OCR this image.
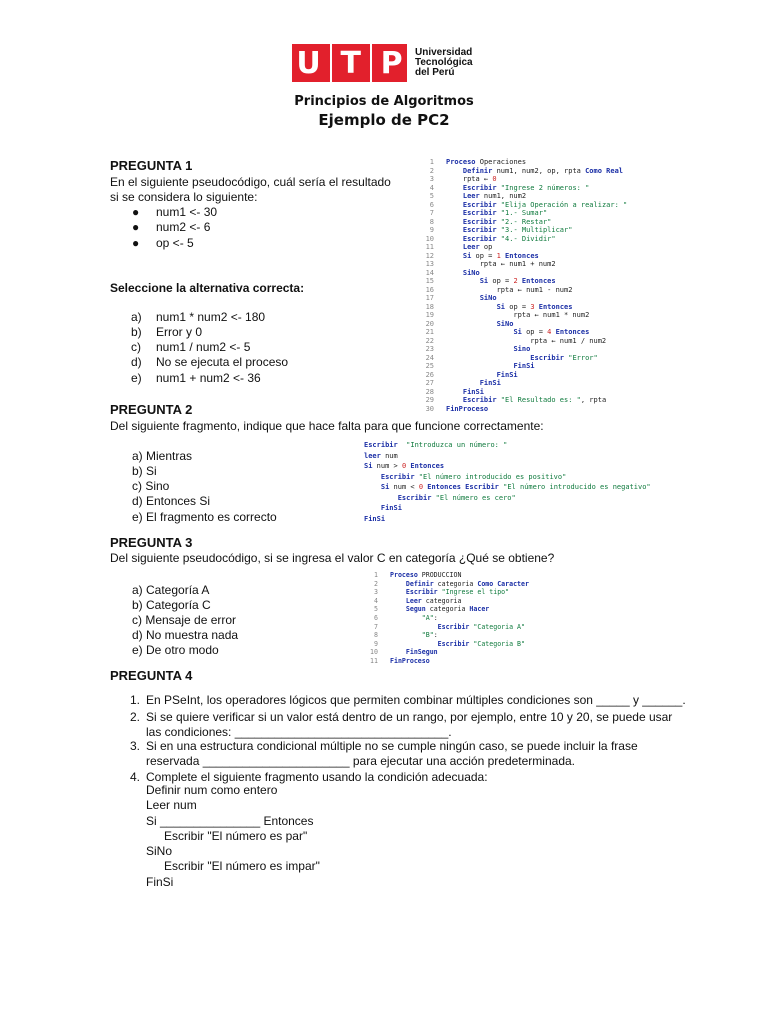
U T P Universidad
Tecnológica
del Perú
Principios de Algoritmos
Ejemplo de PC2
PREGUNTA 1
En el siguiente pseudocódigo, cuál sería el resultado
si se considera lo siguiente:
● num1 <- 30
● num2 <- 6
● op <- 5
Seleccione la alternativa correcta:
a) num1 * num2 <- 180
b) Error y 0
c) num1 / num2 <- 5
d) No se ejecuta el proceso
e) num1 + num2 <- 36
1 Proceso Operaciones
2	Definir num1, num2, op, rpta Como Real
3    rpta ← 0
4	Escribir "Ingrese 2 números: "
5	Leer num1, num2
6	Escribir "Elija Operación a realizar: "
7	Escribir "1.- Sumar"
8	Escribir "2.- Restar"
9	Escribir "3.- Multiplicar"
10	Escribir "4.- Dividir"
11	Leer op
12	Si op = 1 Entonces
13	rpta ← num1 + num2
14	SiNo
15	Si op = 2 Entonces
16	rpta ← num1 - num2
17	SiNo
18	Si op = 3 Entonces
19	rpta ← num1 * num2
20	SiNo
21	Si op = 4 Entonces
22	rpta ← num1 / num2
23	Sino
24	Escribir "Error"
25	FinSi
26	FinSi
27	FinSi
28	FinSi
29	Escribir "El Resultado es: ", rpta
30 FinProceso
PREGUNTA 2
Del siguiente fragmento, indique que hace falta para que funcione correctamente:
a) Mientras
b) Si
c) Sino
d) Entonces Si
e) El fragmento es correcto
Escribir "Introduzca un número: "
leer num
Si num > 0 Entonces
Escribir "El número introducido es positivo"
Si num < 0 Entonces Escribir "El número introducido es negativo"
Escribir "El número es cero"
FinSi
FinSi
PREGUNTA 3
Del siguiente pseudocódigo, si se ingresa el valor C en categoría ¿Qué se obtiene?
a) Categoría A
b) Categoría C
c) Mensaje de error
d) No muestra nada
e) De otro modo
1 Proceso PRODUCCION
2	Definir categoria Como Caracter
3	Escribir "Ingrese el tipo"
4	Leer categoria
5	Segun categoria Hacer
6	"A":
7	Escribir "Categoria A"
8	"B":
9	Escribir "Categoria B"
10	FinSegun
11 FinProceso
PREGUNTA 4
1. En PSeInt, los operadores lógicos que permiten combinar múltiples condiciones son _____ y ______.
2. Si se quiere verificar si un valor está dentro de un rango, por ejemplo, entre 10 y 20, se puede usar
las condiciones: ________________________________.
3. Si en una estructura condicional múltiple no se cumple ningún caso, se puede incluir la frase
reservada ______________________ para ejecutar una acción predeterminada.
4. Complete el siguiente fragmento usando la condición adecuada:
Definir num como entero
Leer num
Si _______________ Entonces
Escribir "El número es par"
SiNo
Escribir "El número es impar"
FinSi
